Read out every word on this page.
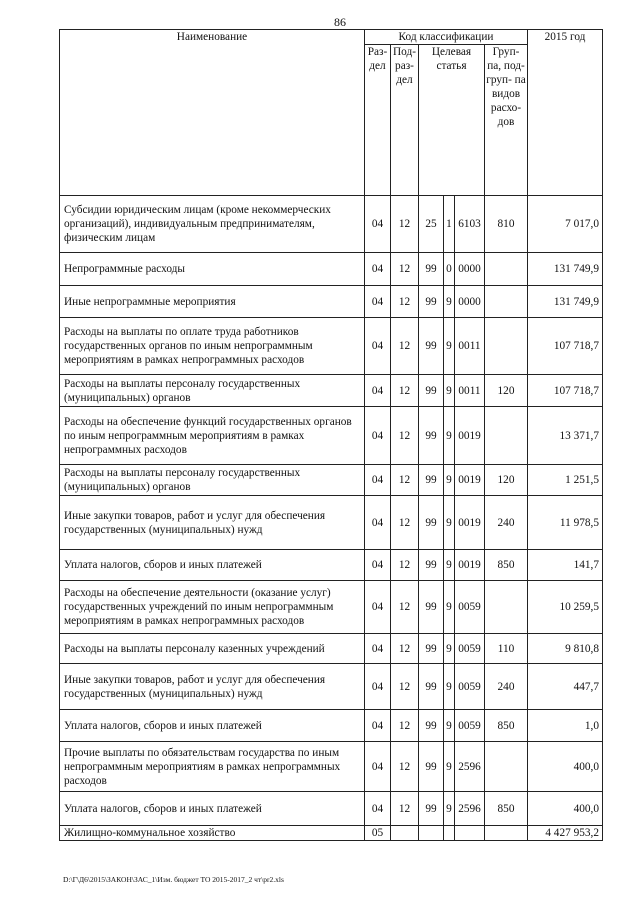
86
Наименование	Код классификации						2015 год
	Раз- дел	Под- раз- дел	Целевая статья			Груп- па, под- груп- па видов расхо- дов	
Субсидии юридическим лицам (кроме некоммерческих организаций), индивидуальным предпринимателям, физическим лицам	04	12	25	1	6103	810	7 017,0
Непрограммные расходы	04	12	99	0	0000		131 749,9
Иные непрограммные мероприятия	04	12	99	9	0000		131 749,9
Расходы на выплаты по оплате труда работников государственных органов по иным непрограммным мероприятиям в рамках непрограммных расходов	04	12	99	9	0011		107 718,7
Расходы на выплаты персоналу государственных (муниципальных) органов	04	12	99	9	0011	120	107 718,7
Расходы на обеспечение функций государственных органов по иным непрограммным мероприятиям в рамках непрограммных расходов	04	12	99	9	0019		13 371,7
Расходы на выплаты персоналу государственных (муниципальных) органов	04	12	99	9	0019	120	1 251,5
Иные закупки товаров, работ и услуг для обеспечения государственных (муниципальных) нужд	04	12	99	9	0019	240	11 978,5
Уплата налогов, сборов и иных платежей	04	12	99	9	0019	850	141,7
Расходы на обеспечение деятельности (оказание услуг) государственных учреждений по иным непрограммным мероприятиям в рамках непрограммных расходов	04	12	99	9	0059		10 259,5
Расходы на выплаты персоналу казенных учреждений	04	12	99	9	0059	110	9 810,8
Иные закупки товаров, работ и услуг для обеспечения государственных (муниципальных) нужд	04	12	99	9	0059	240	447,7
Уплата налогов, сборов и иных платежей	04	12	99	9	0059	850	1,0
Прочие выплаты по обязательствам государства по иным непрограммным мероприятиям в рамках непрограммных расходов	04	12	99	9	2596		400,0
Уплата налогов, сборов и иных платежей	04	12	99	9	2596	850	400,0
Жилищно-коммунальное хозяйство	05						4 427 953,2
D:\Г\Д6\2015\ЗАКОН\ЗАС_1\Изм. бюджет ТО 2015-2017_2 чт\pr2.xls
